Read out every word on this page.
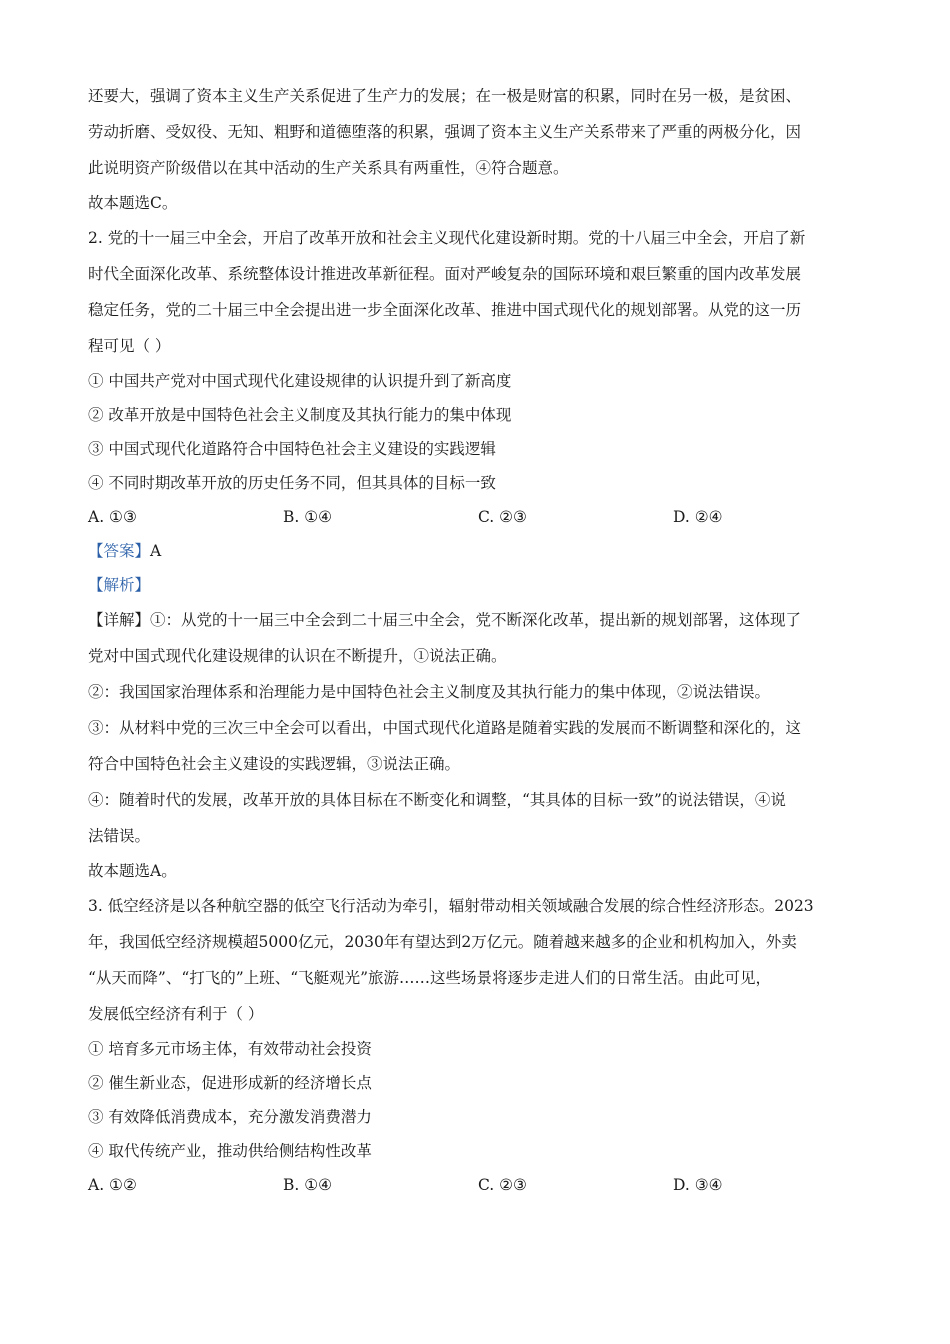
还要大，强调了资本主义生产关系促进了生产力的发展；在一极是财富的积累，同时在另一极，是贫困、
劳动折磨、受奴役、无知、粗野和道德堕落的积累，强调了资本主义生产关系带来了严重的两极分化，因
此说明资产阶级借以在其中活动的生产关系具有两重性，④符合题意。
故本题选C。
2. 党的十一届三中全会，开启了改革开放和社会主义现代化建设新时期。党的十八届三中全会，开启了新
时代全面深化改革、系统整体设计推进改革新征程。面对严峻复杂的国际环境和艰巨繁重的国内改革发展
稳定任务，党的二十届三中全会提出进一步全面深化改革、推进中国式现代化的规划部署。从党的这一历
程可见（ ）
① 中国共产党对中国式现代化建设规律的认识提升到了新高度
② 改革开放是中国特色社会主义制度及其执行能力的集中体现
③ 中国式现代化道路符合中国特色社会主义建设的实践逻辑
④ 不同时期改革开放的历史任务不同，但其具体的目标一致
A. ①③	B. ①④	C. ②③	D. ②④
【答案】A
【解析】
【详解】①：从党的十一届三中全会到二十届三中全会，党不断深化改革，提出新的规划部署，这体现了
党对中国式现代化建设规律的认识在不断提升，①说法正确。
②：我国国家治理体系和治理能力是中国特色社会主义制度及其执行能力的集中体现，②说法错误。
③：从材料中党的三次三中全会可以看出，中国式现代化道路是随着实践的发展而不断调整和深化的，这
符合中国特色社会主义建设的实践逻辑，③说法正确。
④：随着时代的发展，改革开放的具体目标在不断变化和调整，“其具体的目标一致”的说法错误，④说
法错误。
故本题选A。
3. 低空经济是以各种航空器的低空飞行活动为牵引，辐射带动相关领域融合发展的综合性经济形态。2023
年，我国低空经济规模超5000亿元，2030年有望达到2万亿元。随着越来越多的企业和机构加入，外卖
“从天而降”、“打飞的”上班、“飞艇观光”旅游……这些场景将逐步走进人们的日常生活。由此可见，
发展低空经济有利于（ ）
① 培育多元市场主体，有效带动社会投资
② 催生新业态，促进形成新的经济增长点
③ 有效降低消费成本，充分激发消费潜力
④ 取代传统产业，推动供给侧结构性改革
A. ①②	B. ①④	C. ②③	D. ③④
